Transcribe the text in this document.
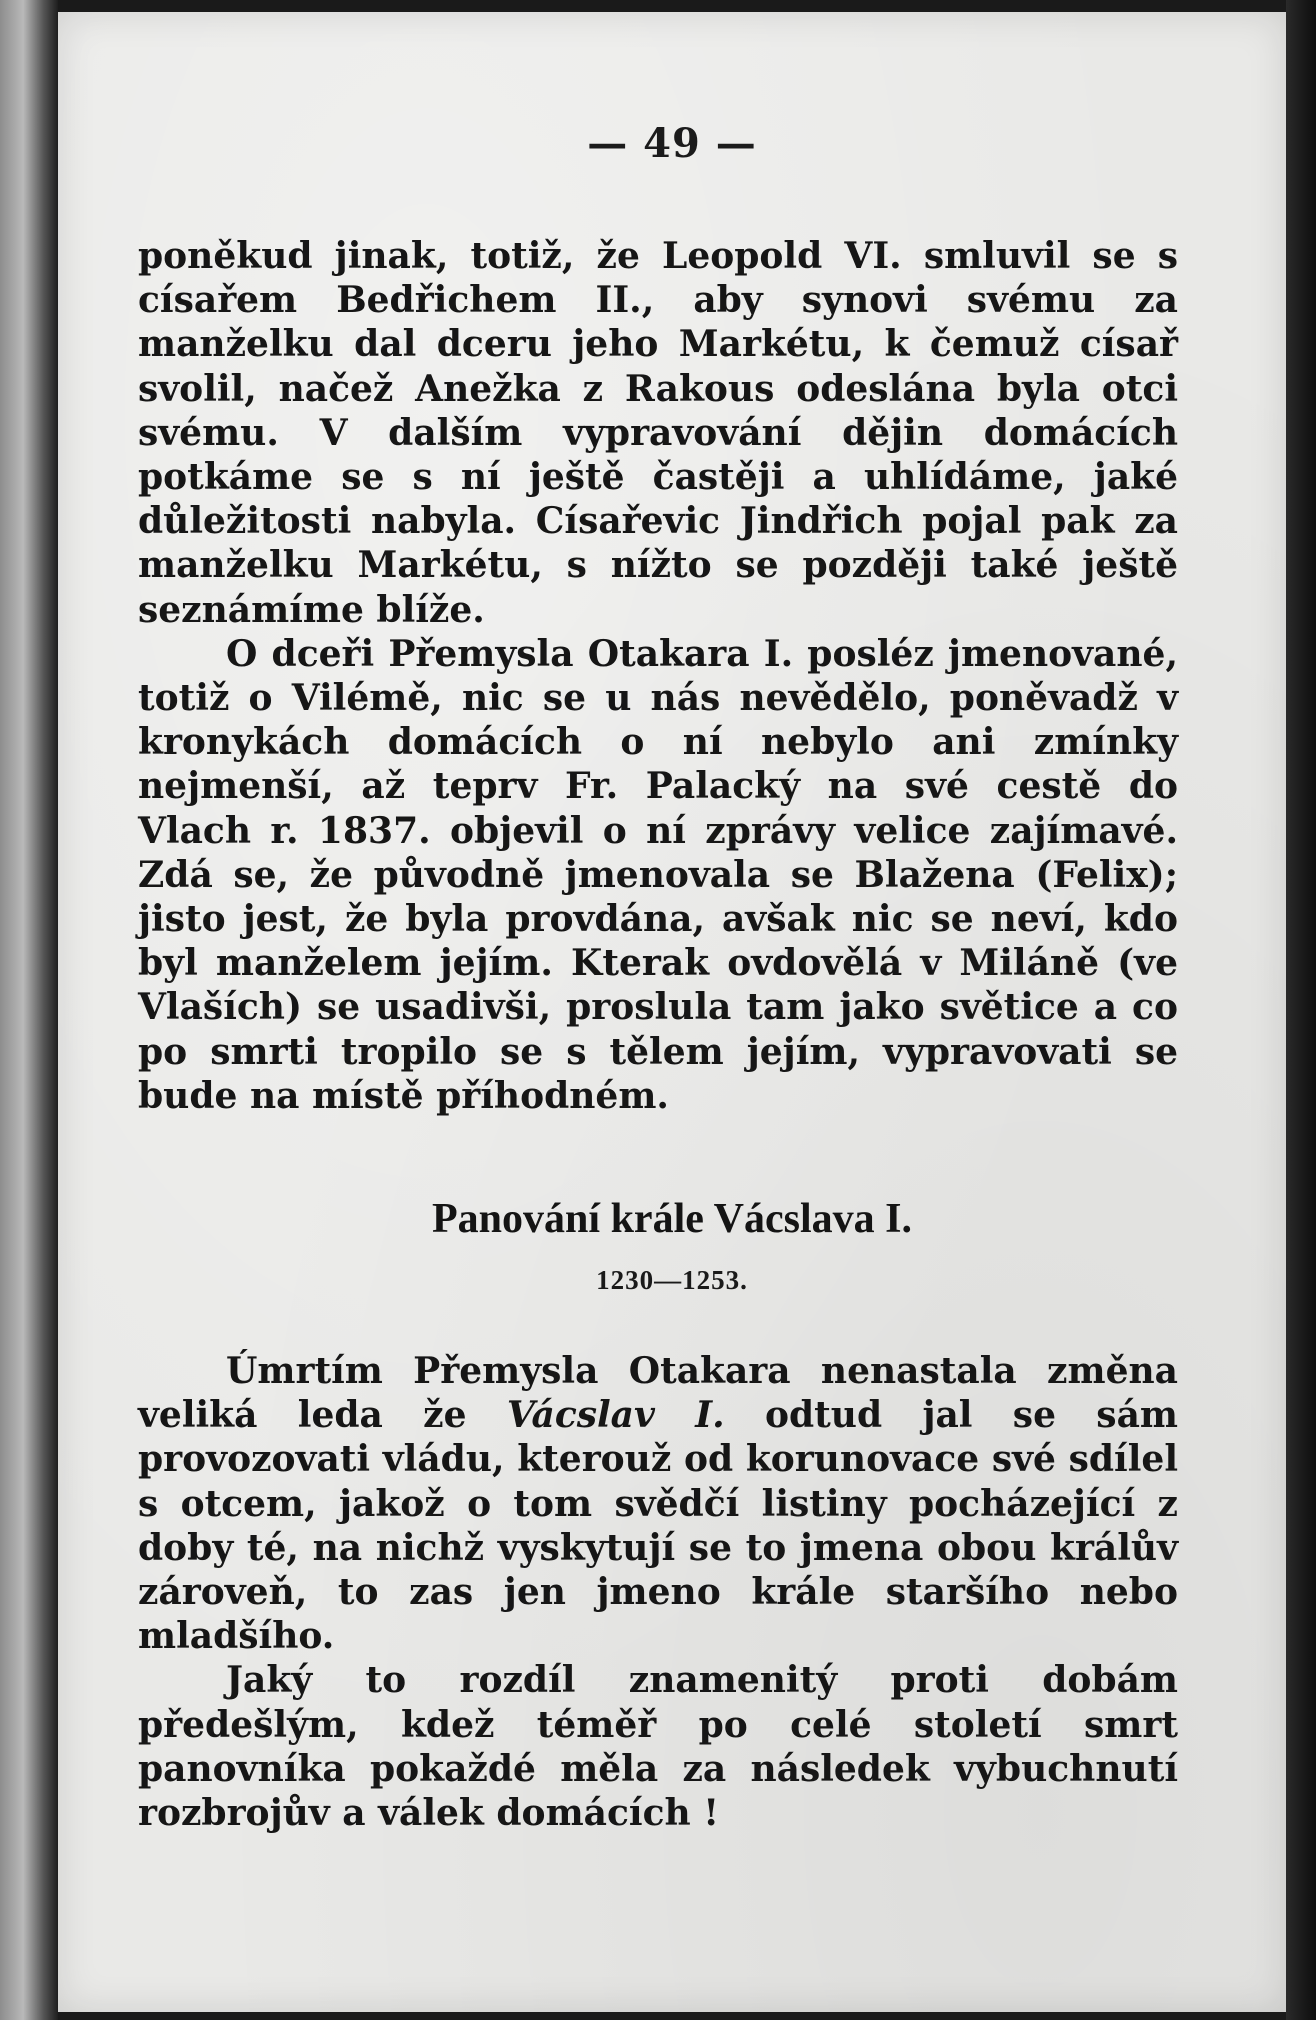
— 49 —

poněkud jinak, totiž, že Leopold VI. smluvil se s císařem Bedřichem II., aby synovi svému za manželku dal dceru jeho Markétu, k čemuž císař svolil, načež Anežka z Rakous odeslána byla otci svému. V dalším vypravování dějin domácích potkáme se s ní ještě častěji a uhlídáme, jaké důležitosti nabyla. Císařevic Jindřich pojal pak za manželku Markétu, s nížto se později také ještě seznámíme blíže.

O dceři Přemysla Otakara I. posléz jmenované, totiž o Vilémě, nic se u nás nevědělo, poněvadž v kronykách domácích o ní nebylo ani zmínky nejmenší, až teprv Fr. Palacký na své cestě do Vlach r. 1837. objevil o ní zprávy velice zajímavé. Zdá se, že původně jmenovala se Blažena (Felix); jisto jest, že byla provdána, avšak nic se neví, kdo byl manželem jejím. Kterak ovdovělá v Miláně (ve Vlaších) se usadivši, proslula tam jako světice a co po smrti tropilo se s tělem jejím, vypravovati se bude na místě příhodném.

Panování krále Vácslava I.
1230—1253.

Úmrtím Přemysla Otakara nenastala změna veliká leda že Vácslav I. odtud jal se sám provozovati vládu, kterouž od korunovace své sdílel s otcem, jakož o tom svědčí listiny pocházející z doby té, na nichž vyskytují se to jmena obou králův zároveň, to zas jen jmeno krále staršího nebo mladšího.

Jaký to rozdíl znamenitý proti dobám předešlým, kdež téměř po celé století smrt panovníka pokaždé měla za následek vybuchnutí rozbrojův a válek domácích !
